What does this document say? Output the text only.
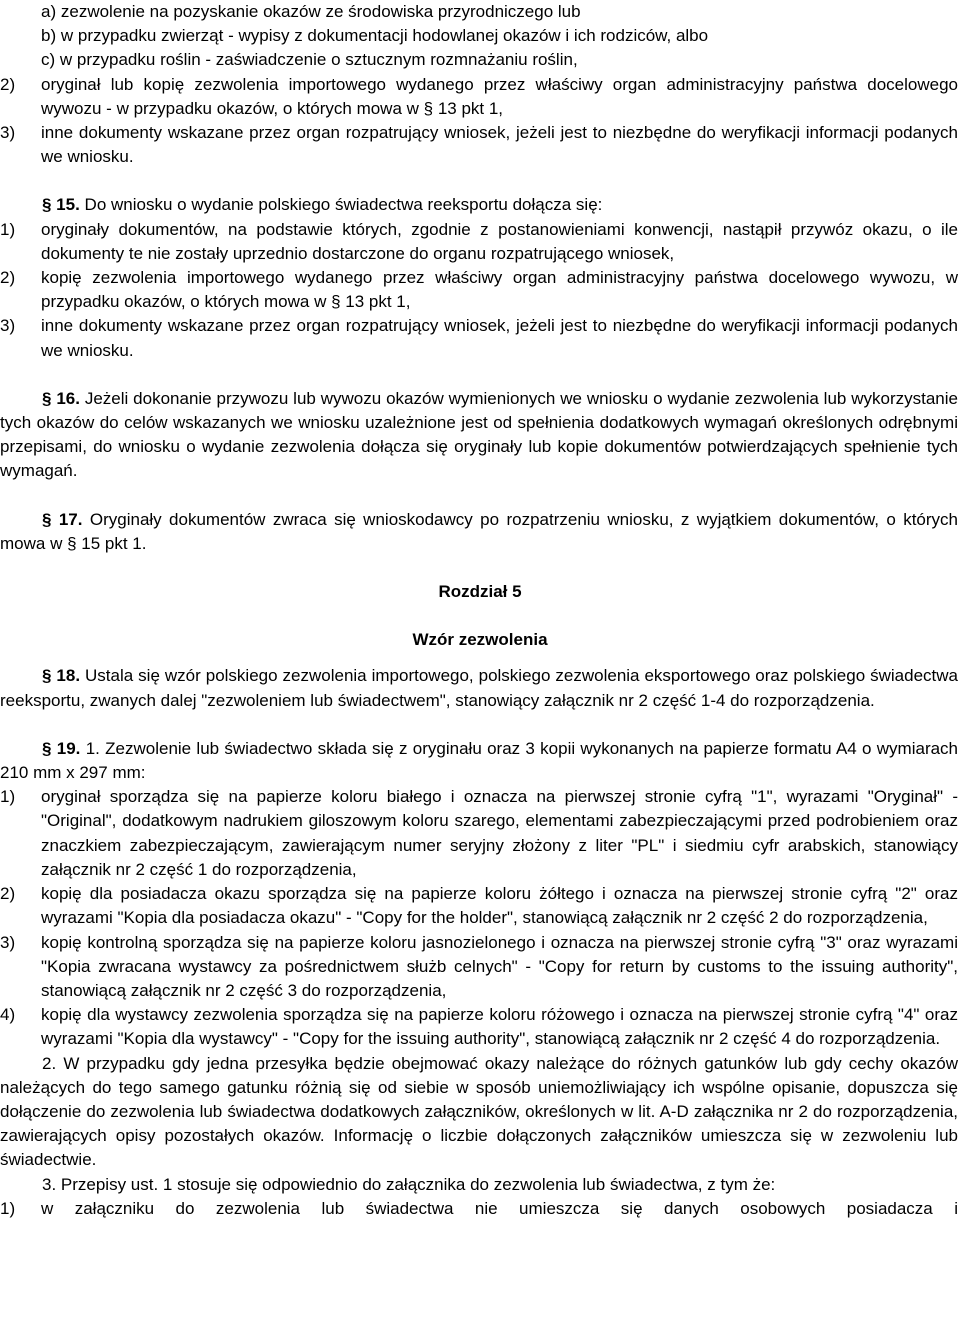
a) zezwolenie na pozyskanie okazów ze środowiska przyrodniczego lub
b) w przypadku zwierząt - wypisy z dokumentacji hodowlanej okazów i ich rodziców, albo
c) w przypadku roślin - zaświadczenie o sztucznym rozmnażaniu roślin,
2) oryginał lub kopię zezwolenia importowego wydanego przez właściwy organ administracyjny państwa docelowego wywozu - w przypadku okazów, o których mowa w § 13 pkt 1,
3) inne dokumenty wskazane przez organ rozpatrujący wniosek, jeżeli jest to niezbędne do weryfikacji informacji podanych we wniosku.
§ 15. Do wniosku o wydanie polskiego świadectwa reeksportu dołącza się:
1) oryginały dokumentów, na podstawie których, zgodnie z postanowieniami konwencji, nastąpił przywóz okazu, o ile dokumenty te nie zostały uprzednio dostarczone do organu rozpatrującego wniosek,
2) kopię zezwolenia importowego wydanego przez właściwy organ administracyjny państwa docelowego wywozu, w przypadku okazów, o których mowa w § 13 pkt 1,
3) inne dokumenty wskazane przez organ rozpatrujący wniosek, jeżeli jest to niezbędne do weryfikacji informacji podanych we wniosku.
§ 16. Jeżeli dokonanie przywozu lub wywozu okazów wymienionych we wniosku o wydanie zezwolenia lub wykorzystanie tych okazów do celów wskazanych we wniosku uzależnione jest od spełnienia dodatkowych wymagań określonych odrębnymi przepisami, do wniosku o wydanie zezwolenia dołącza się oryginały lub kopie dokumentów potwierdzających spełnienie tych wymagań.
§ 17. Oryginały dokumentów zwraca się wnioskodawcy po rozpatrzeniu wniosku, z wyjątkiem dokumentów, o których mowa w § 15 pkt 1.
Rozdział 5
Wzór zezwolenia
§ 18. Ustala się wzór polskiego zezwolenia importowego, polskiego zezwolenia eksportowego oraz polskiego świadectwa reeksportu, zwanych dalej "zezwoleniem lub świadectwem", stanowiący załącznik nr 2 część 1-4 do rozporządzenia.
§ 19. 1. Zezwolenie lub świadectwo składa się z oryginału oraz 3 kopii wykonanych na papierze formatu A4 o wymiarach 210 mm x 297 mm:
1) oryginał sporządza się na papierze koloru białego i oznacza na pierwszej stronie cyfrą "1", wyrazami "Oryginał" - "Original", dodatkowym nadrukiem giloszowym koloru szarego, elementami zabezpieczającymi przed podrobieniem oraz znaczkiem zabezpieczającym, zawierającym numer seryjny złożony z liter "PL" i siedmiu cyfr arabskich, stanowiący załącznik nr 2 część 1 do rozporządzenia,
2) kopię dla posiadacza okazu sporządza się na papierze koloru żółtego i oznacza na pierwszej stronie cyfrą "2" oraz wyrazami "Kopia dla posiadacza okazu" - "Copy for the holder", stanowiącą załącznik nr 2 część 2 do rozporządzenia,
3) kopię kontrolną sporządza się na papierze koloru jasnozielonego i oznacza na pierwszej stronie cyfrą "3" oraz wyrazami "Kopia zwracana wystawcy za pośrednictwem służb celnych" - "Copy for return by customs to the issuing authority", stanowiącą załącznik nr 2 część 3 do rozporządzenia,
4) kopię dla wystawcy zezwolenia sporządza się na papierze koloru różowego i oznacza na pierwszej stronie cyfrą "4" oraz wyrazami "Kopia dla wystawcy" - "Copy for the issuing authority", stanowiącą załącznik nr 2 część 4 do rozporządzenia.
2. W przypadku gdy jedna przesyłka będzie obejmować okazy należące do różnych gatunków lub gdy cechy okazów należących do tego samego gatunku różnią się od siebie w sposób uniemożliwiający ich wspólne opisanie, dopuszcza się dołączenie do zezwolenia lub świadectwa dodatkowych załączników, określonych w lit. A-D załącznika nr 2 do rozporządzenia, zawierających opisy pozostałych okazów. Informację o liczbie dołączonych załączników umieszcza się w zezwoleniu lub świadectwie.
3. Przepisy ust. 1 stosuje się odpowiednio do załącznika do zezwolenia lub świadectwa, z tym że:
1) w załączniku do zezwolenia lub świadectwa nie umieszcza się danych osobowych posiadacza i
